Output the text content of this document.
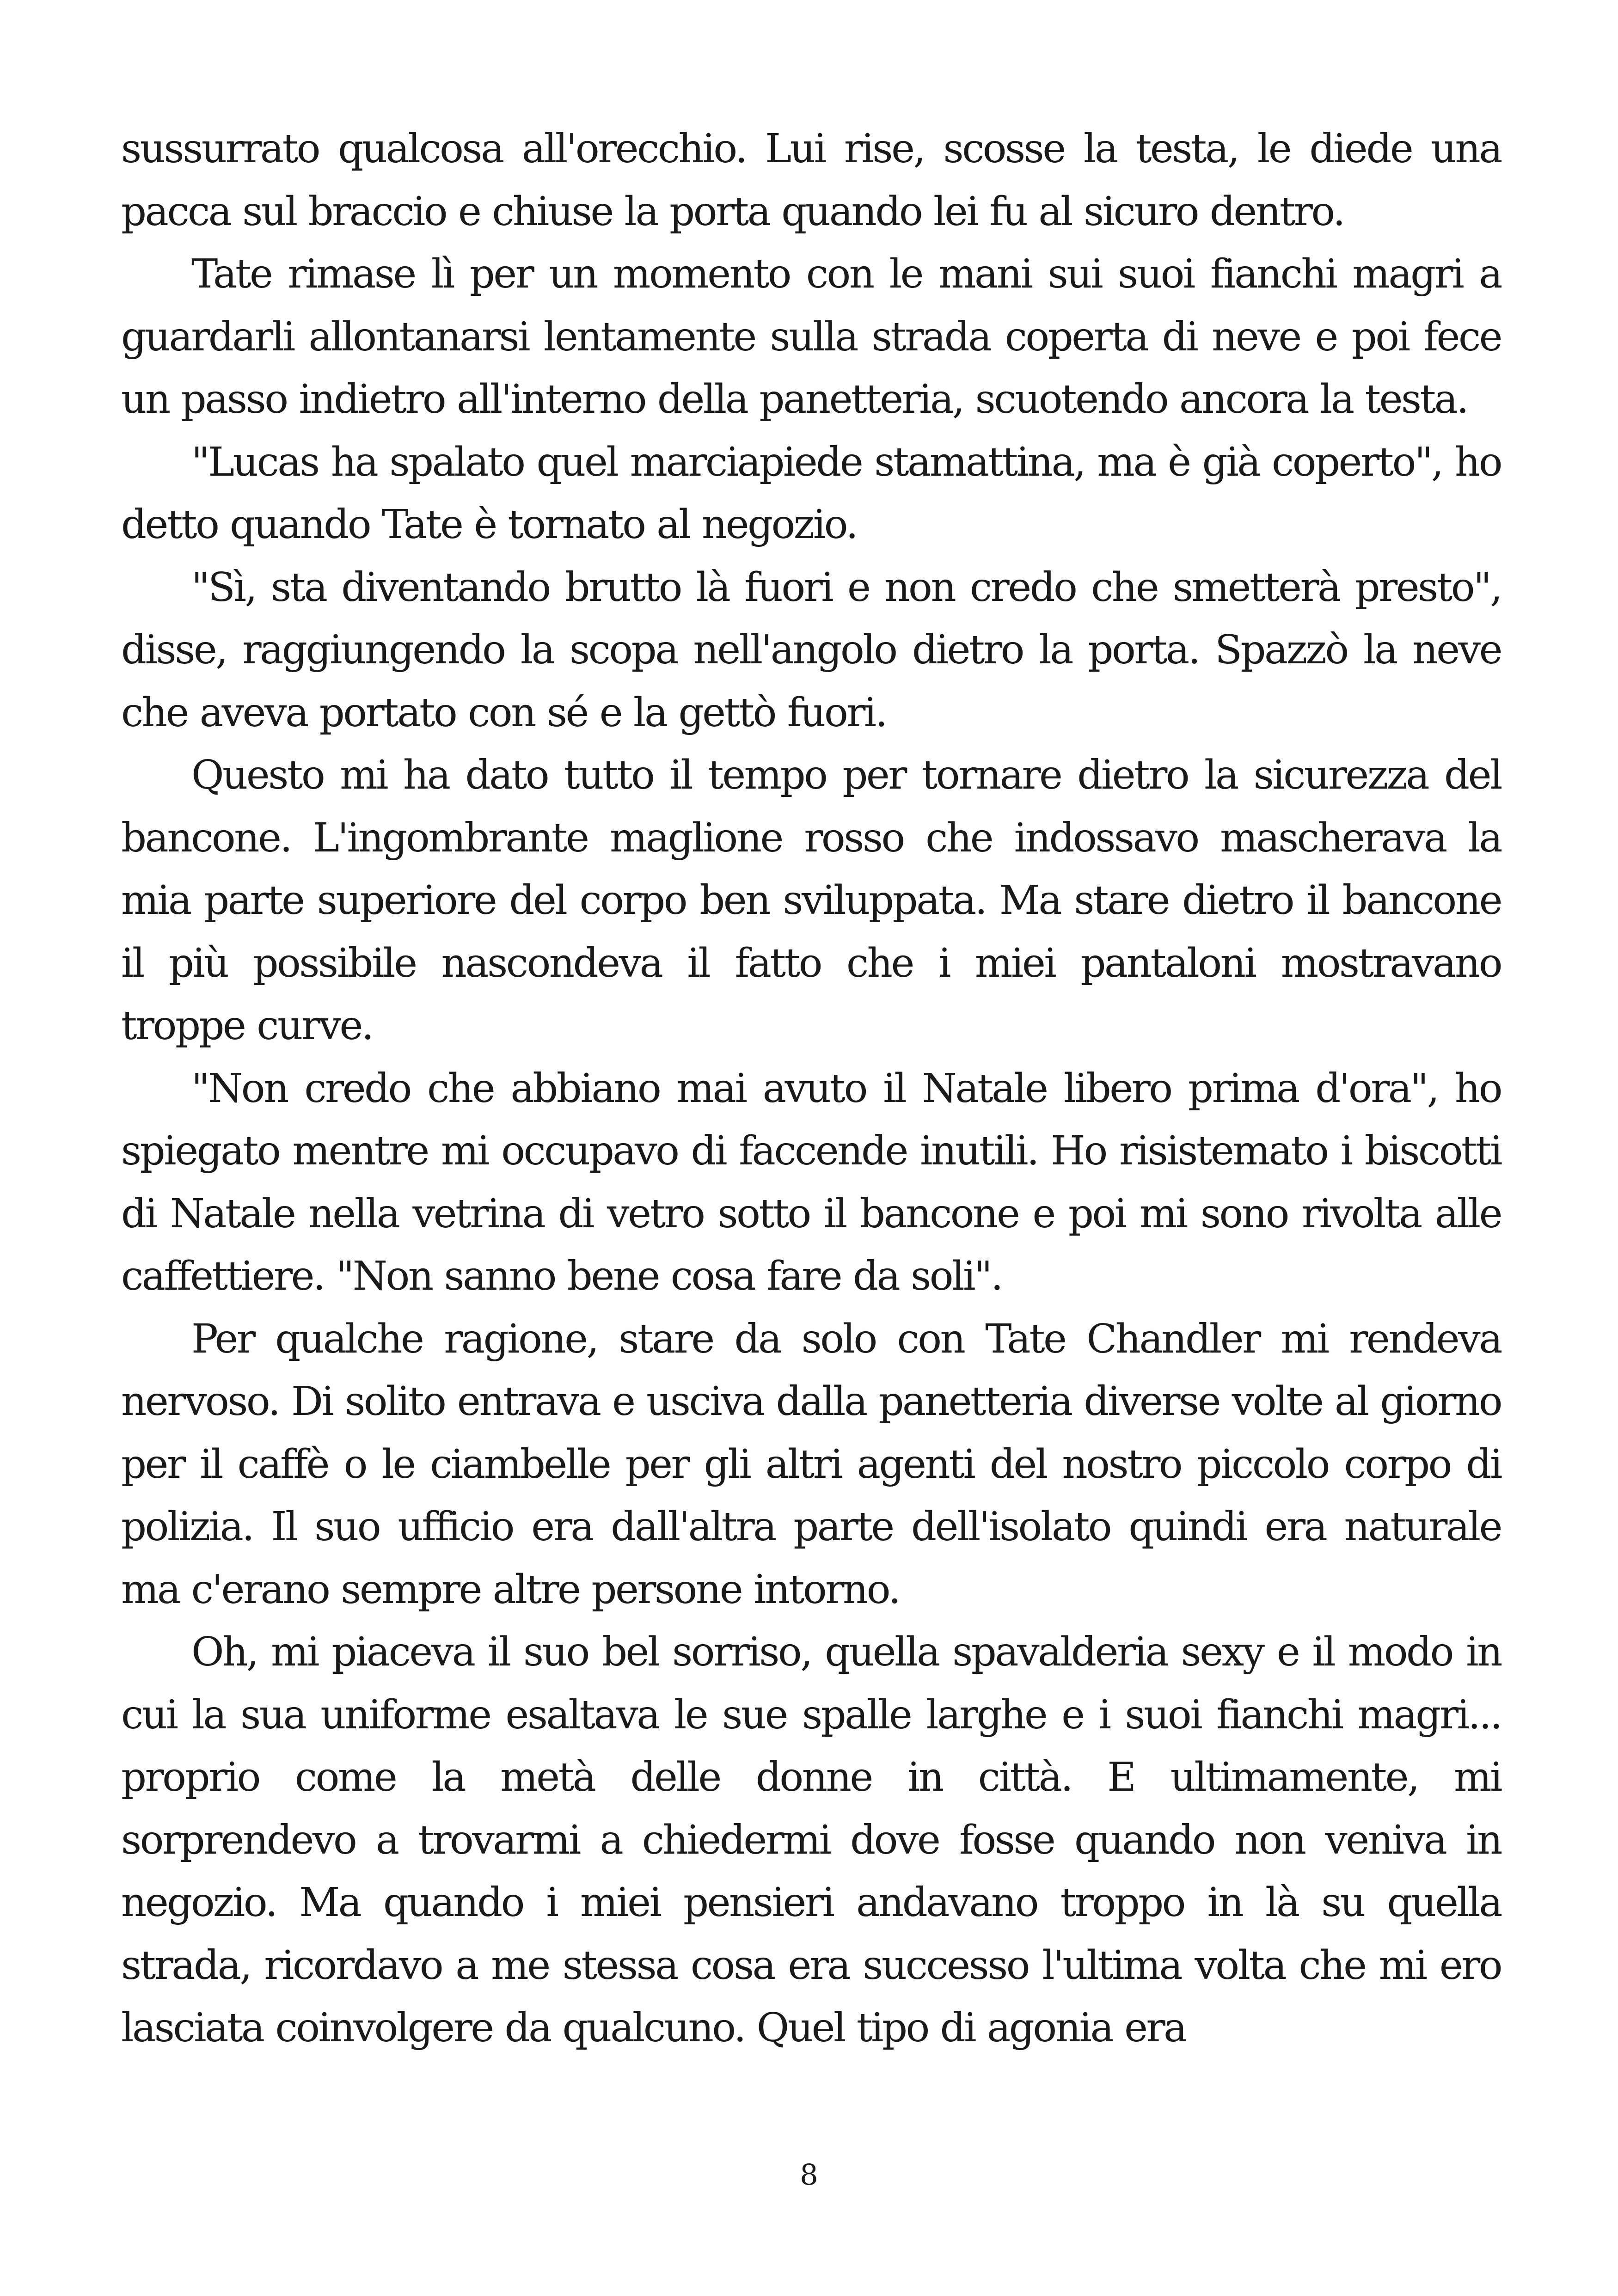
sussurrato qualcosa all'orecchio. Lui rise, scosse la testa, le diede una pacca sul braccio e chiuse la porta quando lei fu al sicuro dentro.

Tate rimase lì per un momento con le mani sui suoi fianchi magri a guardarli allontanarsi lentamente sulla strada coperta di neve e poi fece un passo indietro all'interno della panetteria, scuotendo ancora la testa.

"Lucas ha spalato quel marciapiede stamattina, ma è già coperto", ho detto quando Tate è tornato al negozio.

"Sì, sta diventando brutto là fuori e non credo che smetterà presto", disse, raggiungendo la scopa nell'angolo dietro la porta. Spazzò la neve che aveva portato con sé e la gettò fuori.

Questo mi ha dato tutto il tempo per tornare dietro la sicurezza del bancone. L'ingombrante maglione rosso che indossavo mascherava la mia parte superiore del corpo ben sviluppata. Ma stare dietro il bancone il più possibile nascondeva il fatto che i miei pantaloni mostravano troppe curve.

"Non credo che abbiano mai avuto il Natale libero prima d'ora", ho spiegato mentre mi occupavo di faccende inutili. Ho risistemato i biscotti di Natale nella vetrina di vetro sotto il bancone e poi mi sono rivolta alle caffettiere. "Non sanno bene cosa fare da soli".

Per qualche ragione, stare da solo con Tate Chandler mi rendeva nervoso. Di solito entrava e usciva dalla panetteria diverse volte al giorno per il caffè o le ciambelle per gli altri agenti del nostro piccolo corpo di polizia. Il suo ufficio era dall'altra parte dell'isolato quindi era naturale ma c'erano sempre altre persone intorno.

Oh, mi piaceva il suo bel sorriso, quella spavalderia sexy e il modo in cui la sua uniforme esaltava le sue spalle larghe e i suoi fianchi magri... proprio come la metà delle donne in città. E ultimamente, mi sorprendevo a trovarmi a chiedermi dove fosse quando non veniva in negozio. Ma quando i miei pensieri andavano troppo in là su quella strada, ricordavo a me stessa cosa era successo l'ultima volta che mi ero lasciata coinvolgere da qualcuno. Quel tipo di agonia era

8
